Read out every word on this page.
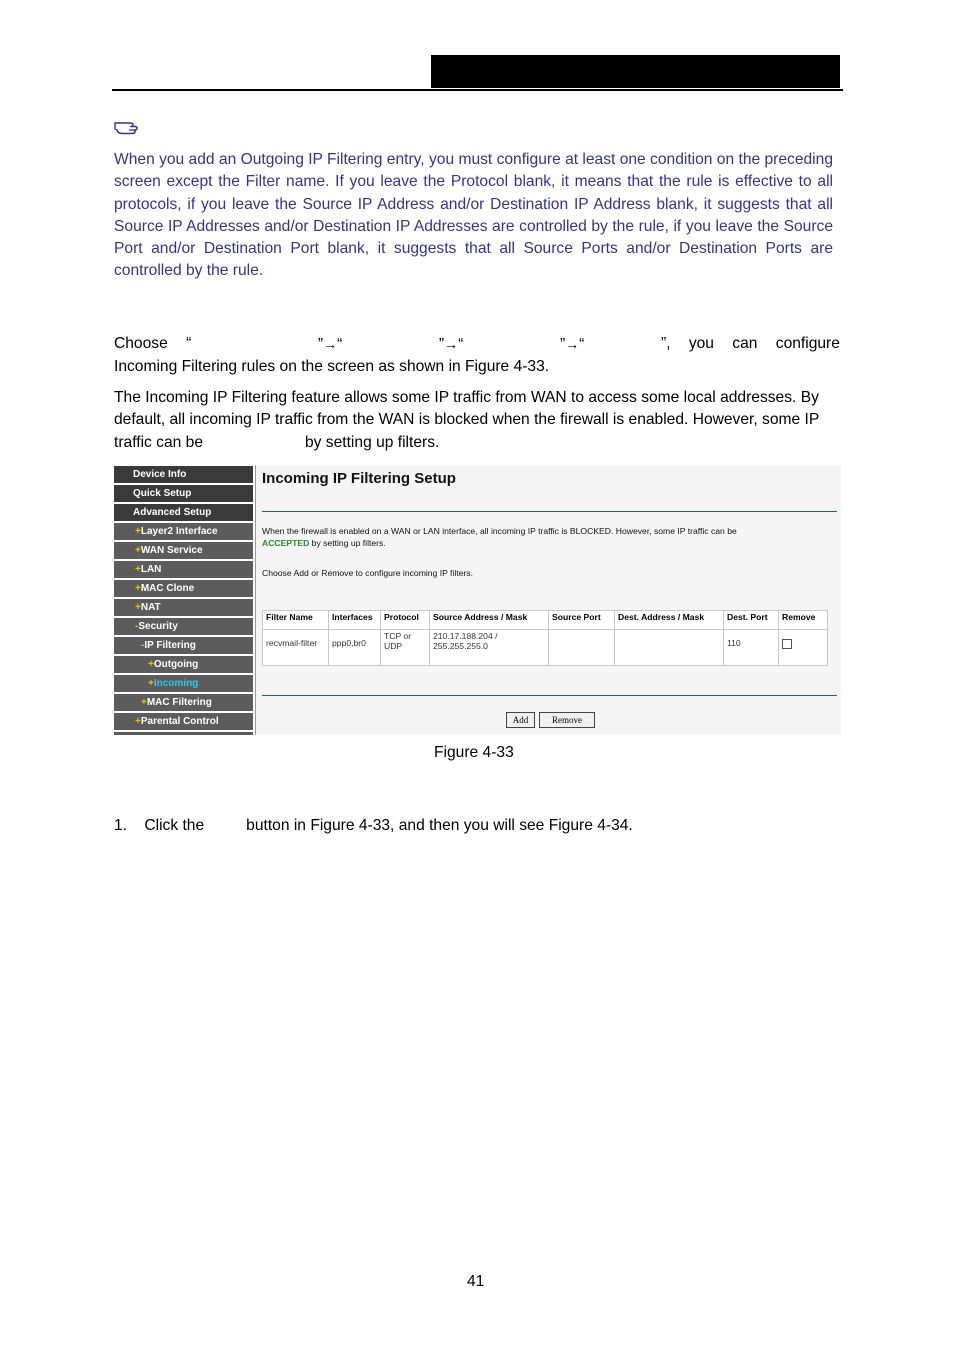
When you add an Outgoing IP Filtering entry, you must configure at least one condition on the preceding screen except the Filter name. If you leave the Protocol blank, it means that the rule is effective to all protocols, if you leave the Source IP Address and/or Destination IP Address blank, it suggests that all Source IP Addresses and/or Destination IP Addresses are controlled by the rule, if you leave the Source Port and/or Destination Port blank, it suggests that all Source Ports and/or Destination Ports are controlled by the rule.

Choose “	”→“	”→“	”→“	”, you can configure
Incoming Filtering rules on the screen as shown in Figure 4-33.

The Incoming IP Filtering feature allows some IP traffic from WAN to access some local addresses. By default, all incoming IP traffic from the WAN is blocked when the firewall is enabled. However, some IP traffic can be	by setting up filters.

Device Info
Quick Setup
Advanced Setup
+Layer2 Interface
+WAN Service
+LAN
+MAC Clone
+NAT
-Security
-IP Filtering
+Outgoing
+Incoming
+MAC Filtering
+Parental Control
Incoming IP Filtering Setup
When the firewall is enabled on a WAN or LAN interface, all incoming IP traffic is BLOCKED. However, some IP traffic can be
ACCEPTED by setting up filters.
Choose Add or Remove to configure incoming IP filters.
Filter Name	Interfaces	Protocol	Source Address / Mask	Source Port	Dest. Address / Mask	Dest. Port	Remove
recvmail-filter	ppp0,br0	TCP or UDP	210.17.188.204 / 255.255.255.0			110	
Add	Remove
Figure 4-33
1. Click the	button in Figure 4-33, and then you will see Figure 4-34.
41
